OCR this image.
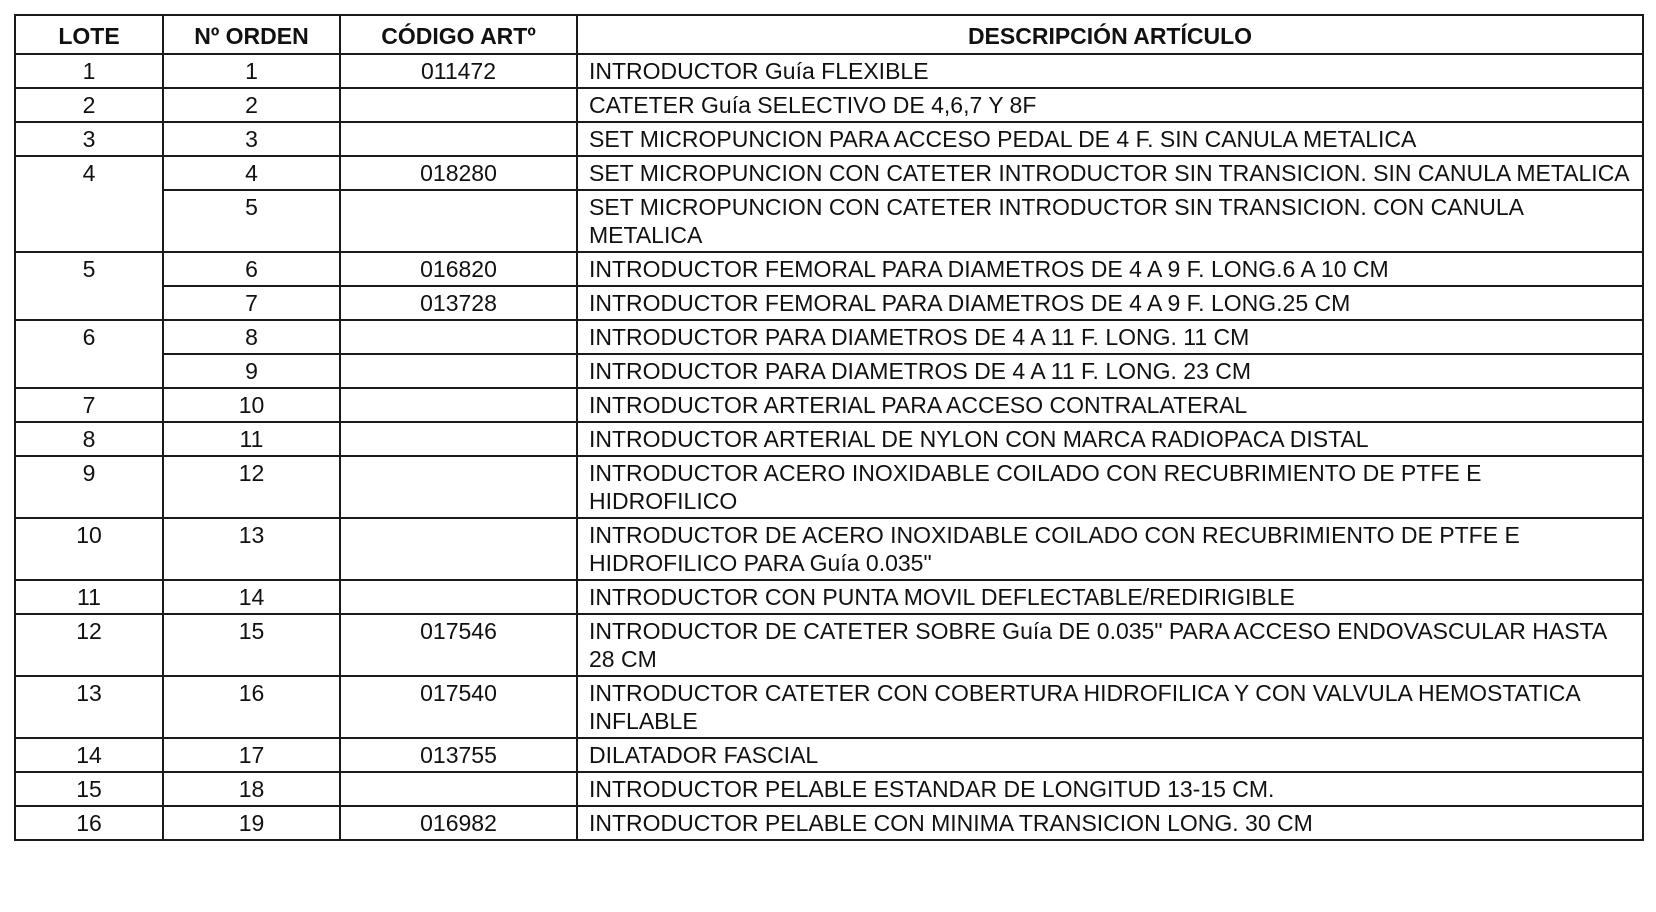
LOTE	Nº ORDEN	CÓDIGO ARTº	DESCRIPCIÓN ARTÍCULO
1	1	011472	INTRODUCTOR Guía FLEXIBLE
2	2		CATETER Guía SELECTIVO DE 4,6,7 Y 8F
3	3		SET MICROPUNCION PARA ACCESO PEDAL DE 4 F. SIN CANULA METALICA
4	4	018280	SET MICROPUNCION CON CATETER INTRODUCTOR SIN TRANSICION. SIN CANULA METALICA
	5		SET MICROPUNCION CON CATETER INTRODUCTOR SIN TRANSICION. CON CANULA METALICA
5	6	016820	INTRODUCTOR FEMORAL PARA DIAMETROS DE 4 A 9 F. LONG.6 A 10 CM
	7	013728	INTRODUCTOR FEMORAL PARA DIAMETROS DE 4 A 9 F. LONG.25 CM
6	8		INTRODUCTOR PARA DIAMETROS DE 4 A 11 F. LONG. 11 CM
	9		INTRODUCTOR PARA DIAMETROS DE 4 A 11 F. LONG. 23 CM
7	10		INTRODUCTOR ARTERIAL PARA ACCESO CONTRALATERAL
8	11		INTRODUCTOR ARTERIAL DE NYLON CON MARCA RADIOPACA DISTAL
9	12		INTRODUCTOR ACERO INOXIDABLE COILADO CON RECUBRIMIENTO DE PTFE E HIDROFILICO
10	13		INTRODUCTOR DE ACERO INOXIDABLE COILADO CON RECUBRIMIENTO DE PTFE E HIDROFILICO PARA Guía 0.035"
11	14		INTRODUCTOR CON PUNTA MOVIL DEFLECTABLE/REDIRIGIBLE
12	15	017546	INTRODUCTOR DE CATETER SOBRE Guía DE 0.035" PARA ACCESO ENDOVASCULAR HASTA 28 CM
13	16	017540	INTRODUCTOR CATETER CON COBERTURA HIDROFILICA Y CON VALVULA HEMOSTATICA INFLABLE
14	17	013755	DILATADOR FASCIAL
15	18		INTRODUCTOR PELABLE ESTANDAR DE LONGITUD 13-15 CM.
16	19	016982	INTRODUCTOR PELABLE CON MINIMA TRANSICION LONG. 30 CM
